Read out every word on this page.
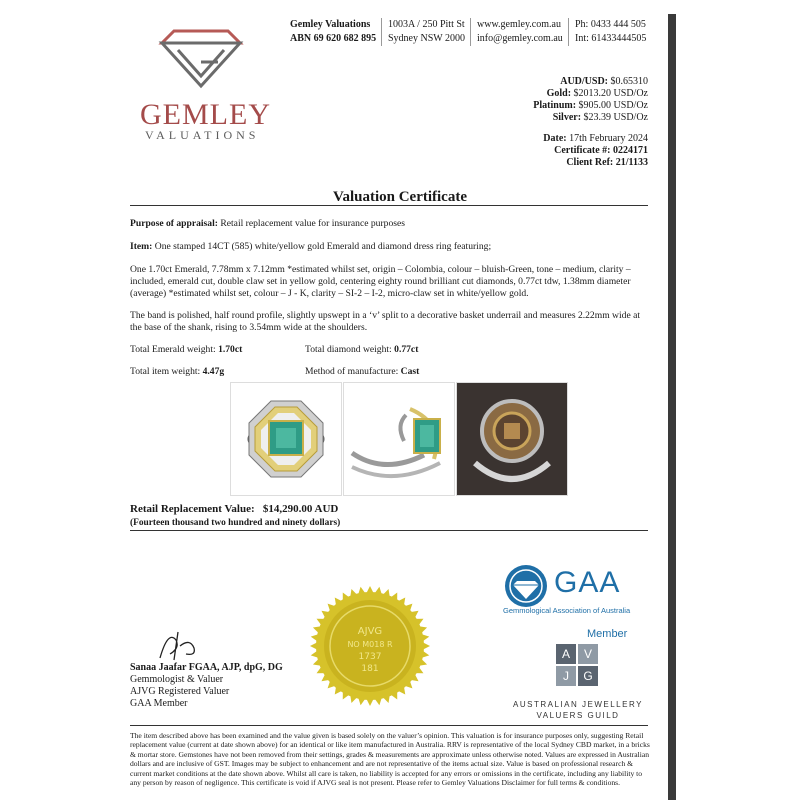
GEMLEY
VALUATIONS
Gemley Valuations
ABN 69 620 682 895
1003A / 250 Pitt St
Sydney NSW 2000
www.gemley.com.au
info@gemley.com.au
Ph: 0433 444 505
Int: 61433444505
AUD/USD: $0.65310
Gold: $2013.20 USD/Oz
Platinum: $905.00 USD/Oz
Silver: $23.39 USD/Oz
Date: 17th February 2024
Certificate #: 0224171
Client Ref: 21/1133
Valuation Certificate
Purpose of appraisal: Retail replacement value for insurance purposes
Item: One stamped 14CT (585) white/yellow gold Emerald and diamond dress ring featuring;
One 1.70ct Emerald, 7.78mm x 7.12mm *estimated whilst set, origin – Colombia, colour – bluish-Green, tone – medium, clarity – included, emerald cut, double claw set in yellow gold, centering eighty round brilliant cut diamonds, 0.77ct tdw, 1.38mm diameter (average) *estimated whilst set, colour – J - K, clarity – SI-2 – I-2, micro-claw set in white/yellow gold.
The band is polished, half round profile, slightly upswept in a ‘v’ split to a decorative basket underrail and measures 2.22mm wide at the base of the shank, rising to 3.54mm wide at the shoulders.
Total Emerald weight: 1.70ct	Total diamond weight: 0.77ct
Total item weight: 4.47g	Method of manufacture: Cast
Retail Replacement Value: $14,290.00 AUD
(Fourteen thousand two hundred and ninety dollars)
AJVG
NO M018 R
1737
181
Sanaa Jaafar FGAA, AJP, dpG, DG
Gemmologist & Valuer
AJVG Registered Valuer
GAA Member
GAA
Gemmological Association of Australia
Member
A	V
J	G
AUSTRALIAN JEWELLERY
VALUERS GUILD
The item described above has been examined and the value given is based solely on the valuer’s opinion. This valuation is for insurance purposes only, suggesting Retail replacement value (current at date shown above) for an identical or like item manufactured in Australia. RRV is representative of the local Sydney CBD market, in a bricks & mortar store. Gemstones have not been removed from their settings, grades & measurements are approximate unless otherwise noted. Values are expressed in Australian dollars and are inclusive of GST. Images may be subject to enhancement and are not representative of the items actual size. Value is based on professional research & current market conditions at the date shown above. Whilst all care is taken, no liability is accepted for any errors or omissions in the certificate, including any liability to any person by reason of negligence. This certificate is void if AJVG seal is not present. Please refer to Gemley Valuations Disclaimer for full terms & conditions.
